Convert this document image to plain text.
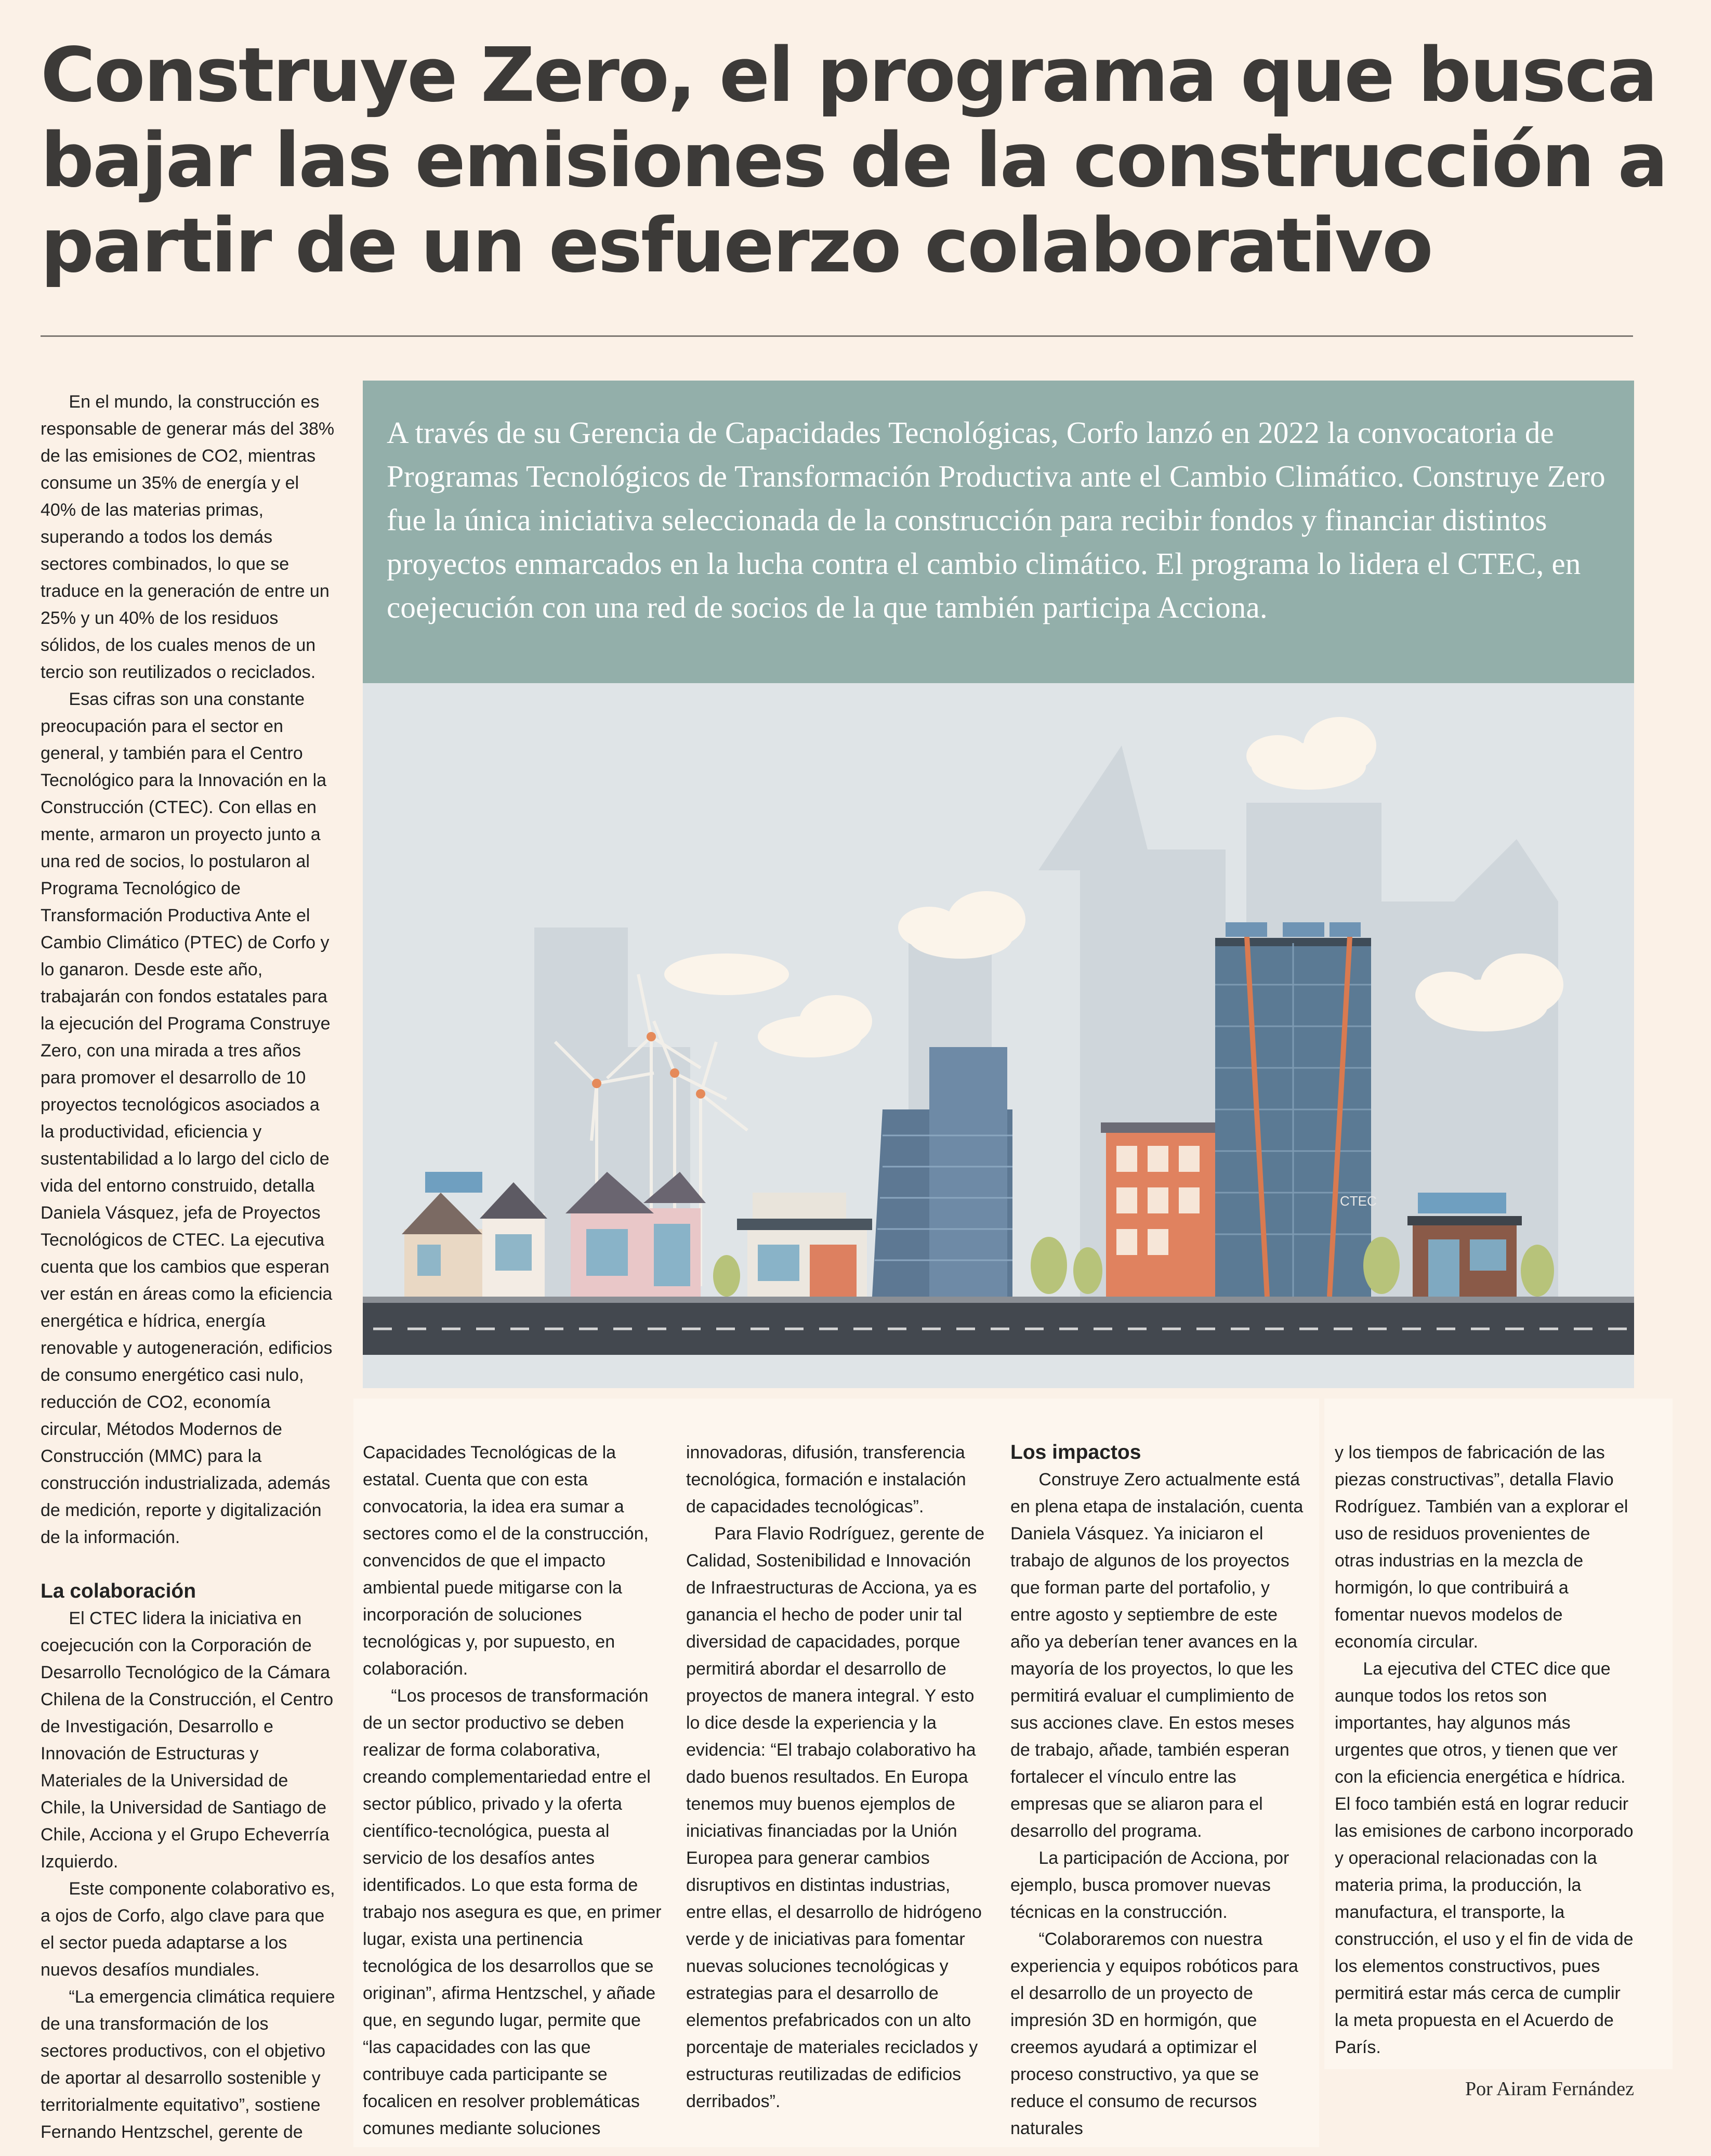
Construye Zero, el programa que busca bajar las emisiones de la construcción a partir de un esfuerzo colaborativo

En el mundo, la construcción es responsable de generar más del 38% de las emisiones de CO2, mientras consume un 35% de energía y el 40% de las materias primas, superando a todos los demás sectores combinados, lo que se traduce en la generación de entre un 25% y un 40% de los residuos sólidos, de los cuales menos de un tercio son reutilizados o reciclados.

Esas cifras son una constante preocupación para el sector en general, y también para el Centro Tecnológico para la Innovación en la Construcción (CTEC). Con ellas en mente, armaron un proyecto junto a una red de socios, lo postularon al Programa Tecnológico de Transformación Productiva Ante el Cambio Climático (PTEC) de Corfo y lo ganaron. Desde este año, trabajarán con fondos estatales para la ejecución del Programa Construye Zero, con una mirada a tres años para promover el desarrollo de 10 proyectos tecnológicos asociados a la productividad, eficiencia y sustentabilidad a lo largo del ciclo de vida del entorno construido, detalla Daniela Vásquez, jefa de Proyectos Tecnológicos de CTEC. La ejecutiva cuenta que los cambios que esperan ver están en áreas como la eficiencia energética e hídrica, energía renovable y autogeneración, edificios de consumo energético casi nulo, reducción de CO2, economía circular, Métodos Modernos de Construcción (MMC) para la construcción industrializada, además de medición, reporte y digitalización de la información.

La colaboración

El CTEC lidera la iniciativa en coejecución con la Corporación de Desarrollo Tecnológico de la Cámara Chilena de la Construcción, el Centro de Investigación, Desarrollo e Innovación de Estructuras y Materiales de la Universidad de Chile, la Universidad de Santiago de Chile, Acciona y el Grupo Echeverría Izquierdo.

Este componente colaborativo es, a ojos de Corfo, algo clave para que el sector pueda adaptarse a los nuevos desafíos mundiales.

“La emergencia climática requiere de una transformación de los sectores productivos, con el objetivo de aportar al desarrollo sostenible y territorialmente equitativo”, sostiene Fernando Hentzschel, gerente de

A través de su Gerencia de Capacidades Tecnológicas, Corfo lanzó en 2022 la convocatoria de Programas Tecnológicos de Transformación Productiva ante el Cambio Climático. Construye Zero fue la única iniciativa seleccionada de la construcción para recibir fondos y financiar distintos proyectos enmarcados en la lucha contra el cambio climático. El programa lo lidera el CTEC, en coejecución con una red de socios de la que también participa Acciona.

CTEC

Capacidades Tecnológicas de la estatal. Cuenta que con esta convocatoria, la idea era sumar a sectores como el de la construcción, convencidos de que el impacto ambiental puede mitigarse con la incorporación de soluciones tecnológicas y, por supuesto, en colaboración.

“Los procesos de transformación de un sector productivo se deben realizar de forma colaborativa, creando complementariedad entre el sector público, privado y la oferta científico-tecnológica, puesta al servicio de los desafíos antes identificados. Lo que esta forma de trabajo nos asegura es que, en primer lugar, exista una pertinencia tecnológica de los desarrollos que se originan”, afirma Hentzschel, y añade que, en segundo lugar, permite que “las capacidades con las que contribuye cada participante se focalicen en resolver problemáticas comunes mediante soluciones

innovadoras, difusión, transferencia tecnológica, formación e instalación de capacidades tecnológicas”.

Para Flavio Rodríguez, gerente de Calidad, Sostenibilidad e Innovación de Infraestructuras de Acciona, ya es ganancia el hecho de poder unir tal diversidad de capacidades, porque permitirá abordar el desarrollo de proyectos de manera integral. Y esto lo dice desde la experiencia y la evidencia: “El trabajo colaborativo ha dado buenos resultados. En Europa tenemos muy buenos ejemplos de iniciativas financiadas por la Unión Europea para generar cambios disruptivos en distintas industrias, entre ellas, el desarrollo de hidrógeno verde y de iniciativas para fomentar nuevas soluciones tecnológicas y estrategias para el desarrollo de elementos prefabricados con un alto porcentaje de materiales reciclados y estructuras reutilizadas de edificios derribados”.

Los impactos

Construye Zero actualmente está en plena etapa de instalación, cuenta Daniela Vásquez. Ya iniciaron el trabajo de algunos de los proyectos que forman parte del portafolio, y entre agosto y septiembre de este año ya deberían tener avances en la mayoría de los proyectos, lo que les permitirá evaluar el cumplimiento de sus acciones clave. En estos meses de trabajo, añade, también esperan fortalecer el vínculo entre las empresas que se aliaron para el desarrollo del programa.

La participación de Acciona, por ejemplo, busca promover nuevas técnicas en la construcción.

“Colaboraremos con nuestra experiencia y equipos robóticos para el desarrollo de un proyecto de impresión 3D en hormigón, que creemos ayudará a optimizar el proceso constructivo, ya que se reduce el consumo de recursos naturales

y los tiempos de fabricación de las piezas constructivas”, detalla Flavio Rodríguez. También van a explorar el uso de residuos provenientes de otras industrias en la mezcla de hormigón, lo que contribuirá a fomentar nuevos modelos de economía circular.

La ejecutiva del CTEC dice que aunque todos los retos son importantes, hay algunos más urgentes que otros, y tienen que ver con la eficiencia energética e hídrica. El foco también está en lograr reducir las emisiones de carbono incorporado y operacional relacionadas con la materia prima, la producción, la manufactura, el transporte, la construcción, el uso y el fin de vida de los elementos constructivos, pues permitirá estar más cerca de cumplir la meta propuesta en el Acuerdo de París.

Por Airam Fernández
